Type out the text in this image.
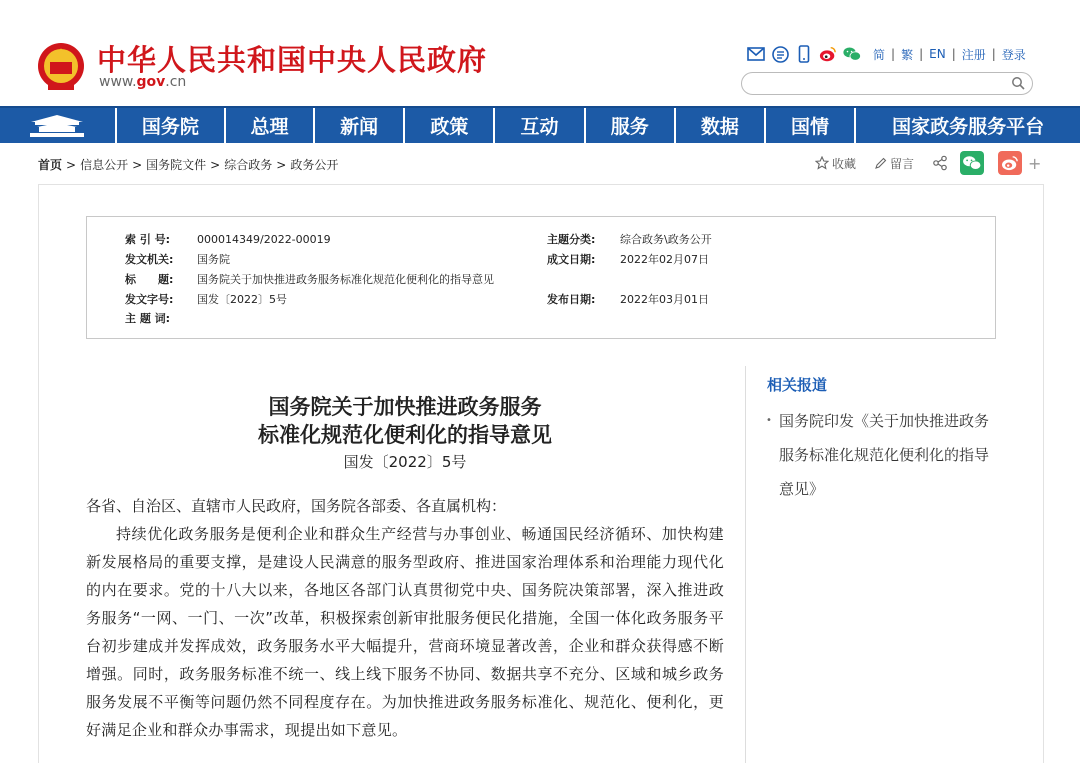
中华人民共和国中央人民政府
www.gov.cn
简 | 繁 | EN | 注册 | 登录
国务院	总理	新闻	政策	互动	服务	数据	国情	国家政务服务平台
首页 > 信息公开 > 国务院文件 > 综合政务 > 政务公开	收藏	留言	+
索 引 号: 000014349/2022-00019	主题分类: 综合政务\政务公开
发文机关: 国务院	成文日期: 2022年02月07日
标　　题: 国务院关于加快推进政务服务标准化规范化便利化的指导意见
发文字号: 国发〔2022〕5号	发布日期: 2022年03月01日
主 题 词:
国务院关于加快推进政务服务
标准化规范化便利化的指导意见
国发〔2022〕5号
各省、自治区、直辖市人民政府，国务院各部委、各直属机构：
持续优化政务服务是便利企业和群众生产经营与办事创业、畅通国民经济循环、加快构建新发展格局的重要支撑，是建设人民满意的服务型政府、推进国家治理体系和治理能力现代化的内在要求。党的十八大以来，各地区各部门认真贯彻党中央、国务院决策部署，深入推进政务服务“一网、一门、一次”改革，积极探索创新审批服务便民化措施，全国一体化政务服务平台初步建成并发挥成效，政务服务水平大幅提升，营商环境显著改善，企业和群众获得感不断增强。同时，政务服务标准不统一、线上线下服务不协同、数据共享不充分、区域和城乡政务服务发展不平衡等问题仍然不同程度存在。为加快推进政务服务标准化、规范化、便利化，更好满足企业和群众办事需求，现提出如下意见。
相关报道
• 国务院印发《关于加快推进政务服务标准化规范化便利化的指导意见》
